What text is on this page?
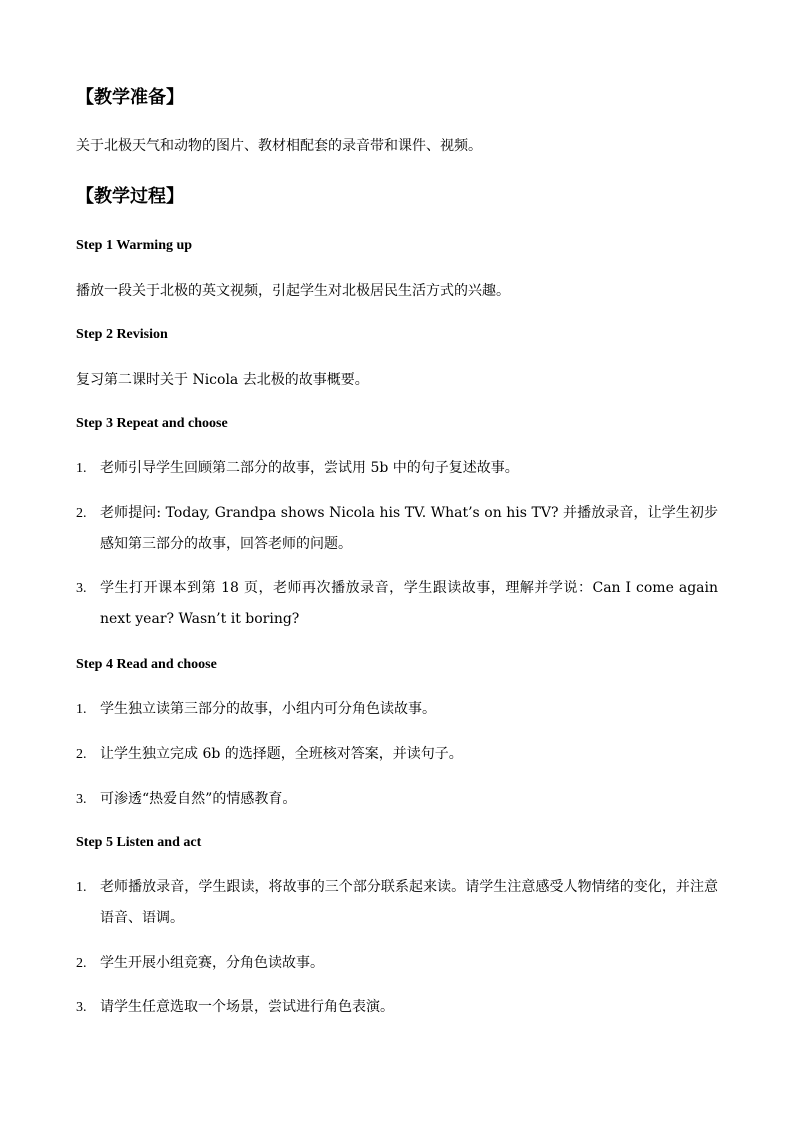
【教学准备】
关于北极天气和动物的图片、教材相配套的录音带和课件、视频。
【教学过程】
Step 1 Warming up
播放一段关于北极的英文视频，引起学生对北极居民生活方式的兴趣。
Step 2 Revision
复习第二课时关于 Nicola 去北极的故事概要。
Step 3 Repeat and choose
1. 老师引导学生回顾第二部分的故事，尝试用 5b 中的句子复述故事。
2. 老师提问: Today, Grandpa shows Nicola his TV. What’s on his TV? 并播放录音，让学生初步感知第三部分的故事，回答老师的问题。
3. 学生打开课本到第 18 页，老师再次播放录音，学生跟读故事，理解并学说：Can I come again next year? Wasn’t it boring?
Step 4 Read and choose
1. 学生独立读第三部分的故事，小组内可分角色读故事。
2. 让学生独立完成 6b 的选择题，全班核对答案，并读句子。
3. 可渗透“热爱自然”的情感教育。
Step 5 Listen and act
1. 老师播放录音，学生跟读，将故事的三个部分联系起来读。请学生注意感受人物情绪的变化，并注意语音、语调。
2. 学生开展小组竞赛，分角色读故事。
3. 请学生任意选取一个场景，尝试进行角色表演。
